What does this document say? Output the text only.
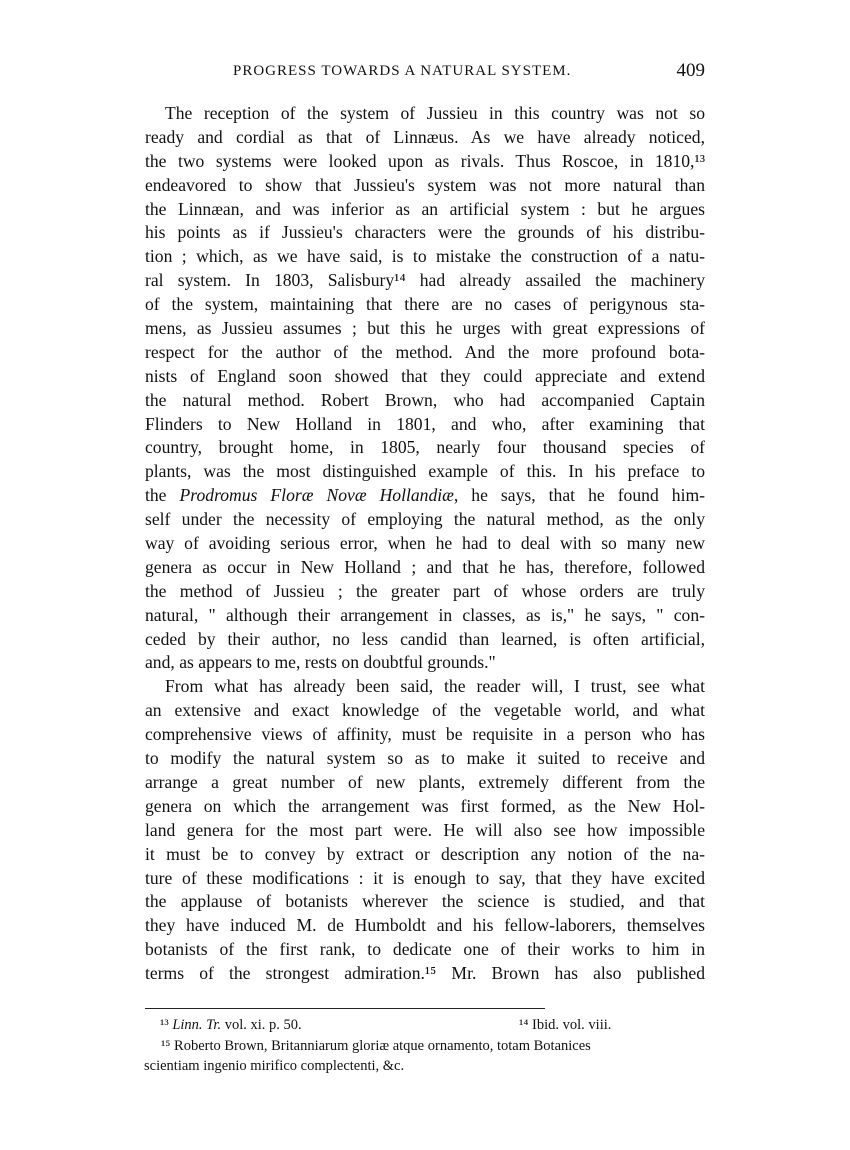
PROGRESS TOWARDS A NATURAL SYSTEM.	409
The reception of the system of Jussieu in this country was not so
ready and cordial as that of Linnæus. As we have already noticed,
the two systems were looked upon as rivals. Thus Roscoe, in 1810,¹³
endeavored to show that Jussieu's system was not more natural than
the Linnæan, and was inferior as an artificial system : but he argues
his points as if Jussieu's characters were the grounds of his distribu-
tion ; which, as we have said, is to mistake the construction of a natu-
ral system. In 1803, Salisbury¹⁴ had already assailed the machinery
of the system, maintaining that there are no cases of perigynous sta-
mens, as Jussieu assumes ; but this he urges with great expressions of
respect for the author of the method. And the more profound bota-
nists of England soon showed that they could appreciate and extend
the natural method. Robert Brown, who had accompanied Captain
Flinders to New Holland in 1801, and who, after examining that
country, brought home, in 1805, nearly four thousand species of
plants, was the most distinguished example of this. In his preface to
the Prodromus Floræ Novæ Hollandiæ, he says, that he found him-
self under the necessity of employing the natural method, as the only
way of avoiding serious error, when he had to deal with so many new
genera as occur in New Holland ; and that he has, therefore, followed
the method of Jussieu ; the greater part of whose orders are truly
natural, " although their arrangement in classes, as is," he says, " con-
ceded by their author, no less candid than learned, is often artificial,
and, as appears to me, rests on doubtful grounds."
From what has already been said, the reader will, I trust, see what
an extensive and exact knowledge of the vegetable world, and what
comprehensive views of affinity, must be requisite in a person who has
to modify the natural system so as to make it suited to receive and
arrange a great number of new plants, extremely different from the
genera on which the arrangement was first formed, as the New Hol-
land genera for the most part were. He will also see how impossible
it must be to convey by extract or description any notion of the na-
ture of these modifications : it is enough to say, that they have excited
the applause of botanists wherever the science is studied, and that
they have induced M. de Humboldt and his fellow-laborers, themselves
botanists of the first rank, to dedicate one of their works to him in
terms of the strongest admiration.¹⁵ Mr. Brown has also published
¹³ Linn. Tr. vol. xi. p. 50.	¹⁴ Ibid. vol. viii.
¹⁵ Roberto Brown, Britanniarum gloriæ atque ornamento, totam Botanices
scientiam ingenio mirifico complectenti, &c.
